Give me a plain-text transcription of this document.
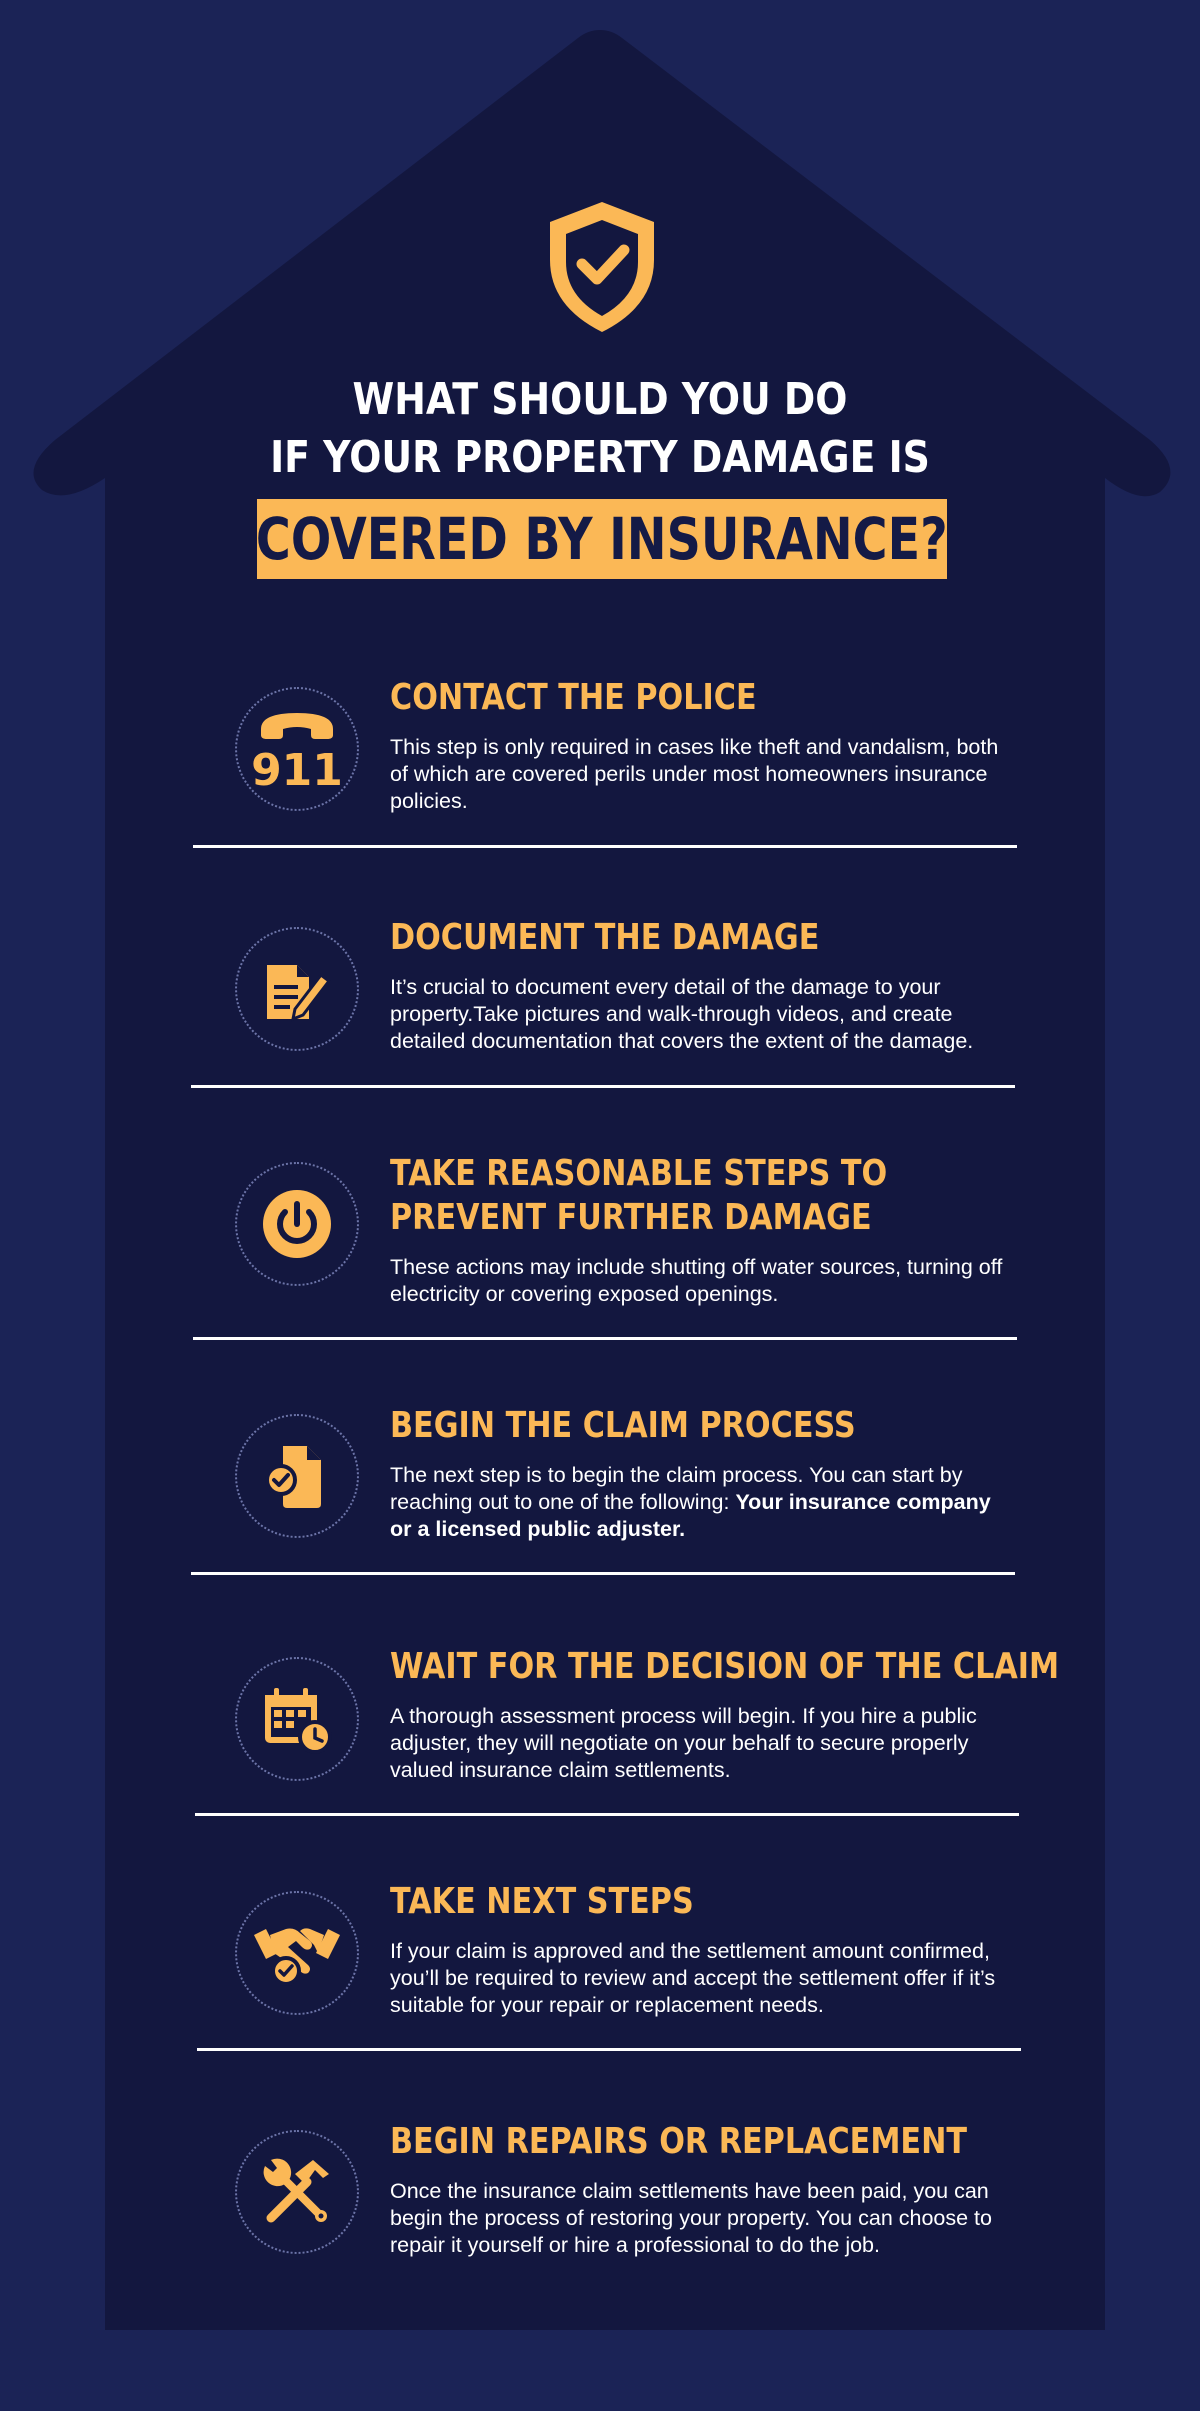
WHAT SHOULD YOU DO
IF YOUR PROPERTY DAMAGE IS
COVERED BY INSURANCE?
911
CONTACT THE POLICE

This step is only required in cases like theft and vandalism, both of which are covered perils under most homeowners insurance policies.

DOCUMENT THE DAMAGE

It’s crucial to document every detail of the damage to your property.Take pictures and walk-through videos, and create detailed documentation that covers the extent of the damage.

TAKE REASONABLE STEPS TO PREVENT FURTHER DAMAGE

These actions may include shutting off water sources, turning off electricity or covering exposed openings.

BEGIN THE CLAIM PROCESS

The next step is to begin the claim process. You can start by reaching out to one of the following: Your insurance company or a licensed public adjuster.

WAIT FOR THE DECISION OF THE CLAIM

A thorough assessment process will begin. If you hire a public adjuster, they will negotiate on your behalf to secure properly valued insurance claim settlements.

TAKE NEXT STEPS

If your claim is approved and the settlement amount confirmed, you’ll be required to review and accept the settlement offer if it’s suitable for your repair or replacement needs.

BEGIN REPAIRS OR REPLACEMENT

Once the insurance claim settlements have been paid, you can begin the process of restoring your property. You can choose to repair it yourself or hire a professional to do the job.
